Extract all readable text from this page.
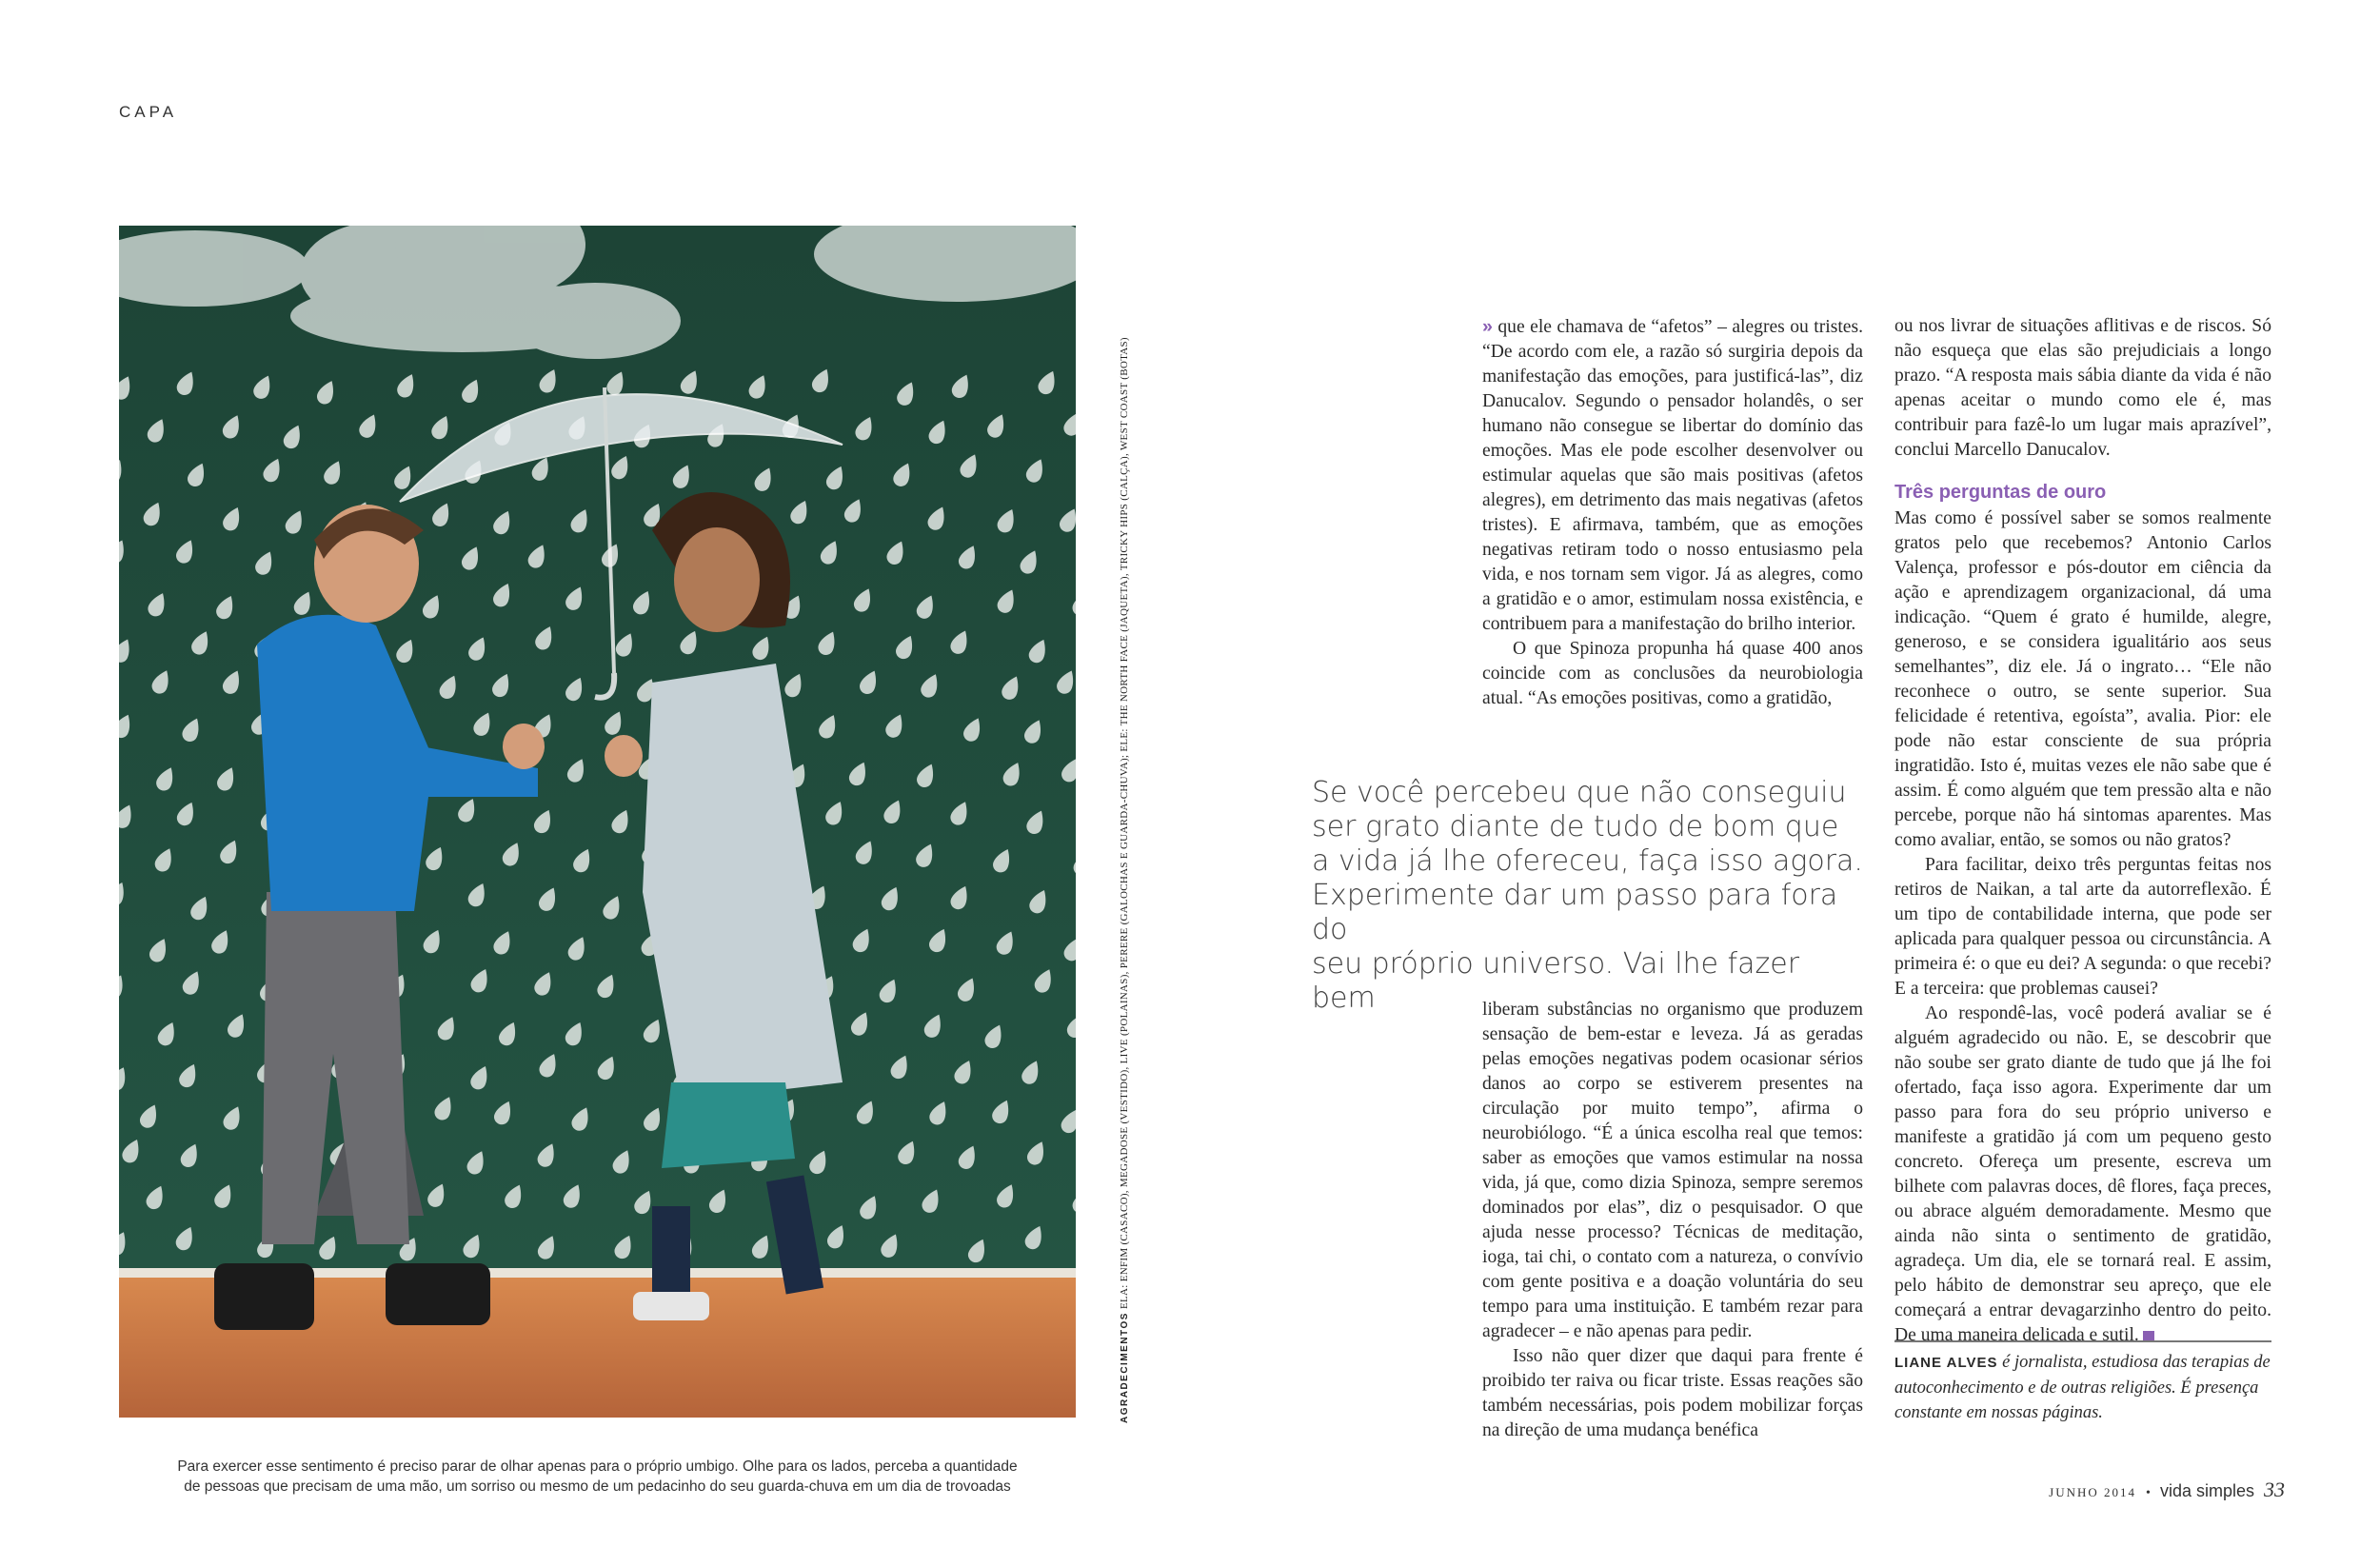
CAPA
Para exercer esse sentimento é preciso parar de olhar apenas para o próprio umbigo. Olhe para os lados, perceba a quantidade
de pessoas que precisam de uma mão, um sorriso ou mesmo de um pedacinho do seu guarda-chuva em um dia de trovoadas
AGRADECIMENTOS ELA: ENFIM (CASACO), MEGADOSE (VESTIDO), LIVE (POLAINAS), PERERE (GALOCHAS E GUARDA-CHUVA); ELE: THE NORTH FACE (JAQUETA), TRICKY HIPS (CALÇA), WEST COAST (BOTAS)

» que ele chamava de “afetos” – alegres ou tristes. “De acordo com ele, a razão só surgiria depois da manifestação das emoções, para justificá-las”, diz Danucalov. Segundo o pensador holandês, o ser humano não consegue se libertar do domínio das emoções. Mas ele pode escolher desenvolver ou estimular aquelas que são mais positivas (afetos alegres), em detrimento das mais negativas (afetos tristes). E afirmava, também, que as emoções negativas retiram todo o nosso entusiasmo pela vida, e nos tornam sem vigor. Já as alegres, como a gratidão e o amor, estimulam nossa existência, e contribuem para a manifestação do brilho interior.

O que Spinoza propunha há quase 400 anos coincide com as conclusões da neurobiologia atual. “As emoções positivas, como a gratidão,

Se você percebeu que não conseguiu
ser grato diante de tudo de bom que
a vida já lhe ofereceu, faça isso agora.
Experimente dar um passo para fora do
seu próprio universo. Vai lhe fazer bem	liberam substâncias no organismo que produzem sensação de bem-estar e leveza. Já as geradas pelas emoções negativas podem ocasionar sérios danos ao corpo se estiverem presentes na circulação por muito tempo”, afirma o neurobiólogo. “É a única escolha real que temos: saber as emoções que vamos estimular na nossa vida, já que, como dizia Spinoza, sempre seremos dominados por elas”, diz o pesquisador. O que ajuda nesse processo? Técnicas de meditação, ioga, tai chi, o contato com a natureza, o convívio com gente positiva e a doação voluntária do seu tempo para uma instituição. E também rezar para agradecer – e não apenas para pedir.

Isso não quer dizer que daqui para frente é proibido ter raiva ou ficar triste. Essas reações são também necessárias, pois podem mobilizar forças na direção de uma mudança benéfica

ou nos livrar de situações aflitivas e de riscos. Só não esqueça que elas são prejudiciais a longo prazo. “A resposta mais sábia diante da vida é não apenas aceitar o mundo como ele é, mas contribuir para fazê-lo um lugar mais aprazível”, conclui Marcello Danucalov.

Três perguntas de ouro

Mas como é possível saber se somos realmente gratos pelo que recebemos? Antonio Carlos Valença, professor e pós-doutor em ciência da ação e aprendizagem organizacional, dá uma indicação. “Quem é grato é humilde, alegre, generoso, e se considera igualitário aos seus semelhantes”, diz ele. Já o ingrato… “Ele não reconhece o outro, se sente superior. Sua felicidade é retentiva, egoísta”, avalia. Pior: ele pode não estar consciente de sua própria ingratidão. Isto é, muitas vezes ele não sabe que é assim. É como alguém que tem pressão alta e não percebe, porque não há sintomas aparentes. Mas como avaliar, então, se somos ou não gratos?

Para facilitar, deixo três perguntas feitas nos retiros de Naikan, a tal arte da autorreflexão. É um tipo de contabilidade interna, que pode ser aplicada para qualquer pessoa ou circunstância. A primeira é: o que eu dei? A segunda: o que recebi? E a terceira: que problemas causei?

Ao respondê-las, você poderá avaliar se é alguém agradecido ou não. E, se descobrir que não soube ser grato diante de tudo que já lhe foi ofertado, faça isso agora. Experimente dar um passo para fora do seu próprio universo e manifeste a gratidão já com um pequeno gesto concreto. Ofereça um presente, escreva um bilhete com palavras doces, dê flores, faça preces, ou abrace alguém demoradamente. Mesmo que ainda não sinta o sentimento de gratidão, agradeça. Um dia, ele se tornará real. E assim, pelo hábito de demonstrar seu apreço, que ele começará a entrar devagarzinho dentro do peito. De uma maneira delicada e sutil.

LIANE ALVES é jornalista, estudiosa das terapias de autoconhecimento e de outras religiões. É presença constante em nossas páginas.
JUNHO 2014 • vida simples 33
